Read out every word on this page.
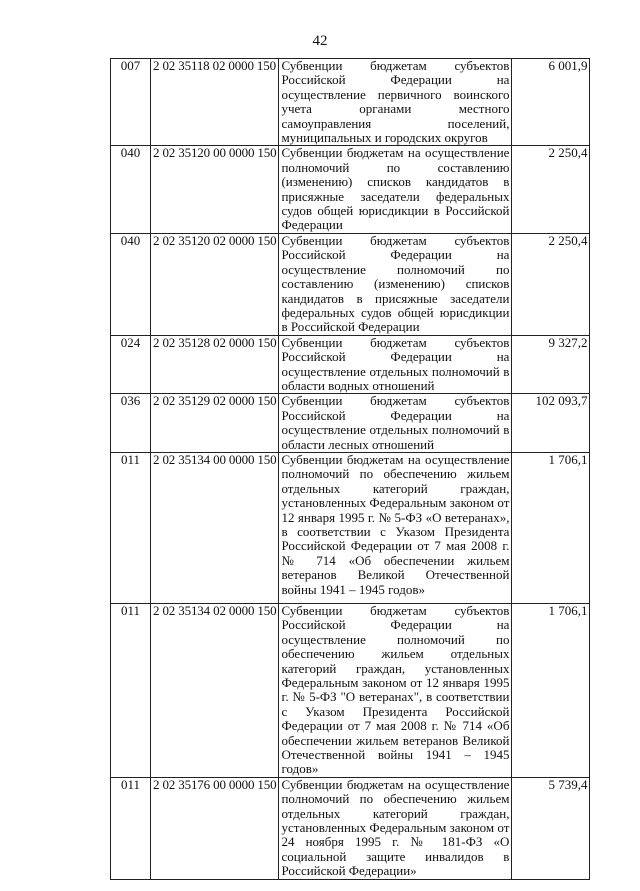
42
007	2 02 35118 02 0000 150	Субвенции бюджетам субъектов Российской Федерации на осуществление первичного воинского учета органами местного самоуправления поселений, муниципальных и городских округов	6 001,9
040	2 02 35120 00 0000 150	Субвенции бюджетам на осуществление полномочий по составлению (изменению) списков кандидатов в присяжные заседатели федеральных судов общей юрисдикции в Российской Федерации	2 250,4
040	2 02 35120 02 0000 150	Субвенции бюджетам субъектов Российской Федерации на осуществление полномочий по составлению (изменению) списков кандидатов в присяжные заседатели федеральных судов общей юрисдикции в Российской Федерации	2 250,4
024	2 02 35128 02 0000 150	Субвенции бюджетам субъектов Российской Федерации на осуществление отдельных полномочий в области водных отношений	9 327,2
036	2 02 35129 02 0000 150	Субвенции бюджетам субъектов Российской Федерации на осуществление отдельных полномочий в области лесных отношений	102 093,7
011	2 02 35134 00 0000 150	Субвенции бюджетам на осуществление полномочий по обеспечению жильем отдельных категорий граждан, установленных Федеральным законом от 12 января 1995 г. № 5-ФЗ «О ветеранах», в соответствии с Указом Президента Российской Федерации от 7 мая 2008 г. № 714 «Об обеспечении жильем ветеранов Великой Отечественной войны 1941 – 1945 годов»	1 706,1
011	2 02 35134 02 0000 150	Субвенции бюджетам субъектов Российской Федерации на осуществление полномочий по обеспечению жильем отдельных категорий граждан, установленных Федеральным законом от 12 января 1995 г. № 5-ФЗ "О ветеранах", в соответствии с Указом Президента Российской Федерации от 7 мая 2008 г. № 714 «Об обеспечении жильем ветеранов Великой Отечественной войны 1941 – 1945 годов»	1 706,1
011	2 02 35176 00 0000 150	Субвенции бюджетам на осуществление полномочий по обеспечению жильем отдельных категорий граждан, установленных Федеральным законом от 24 ноября 1995 г. № 181-ФЗ «О социальной защите инвалидов в Российской Федерации»	5 739,4
